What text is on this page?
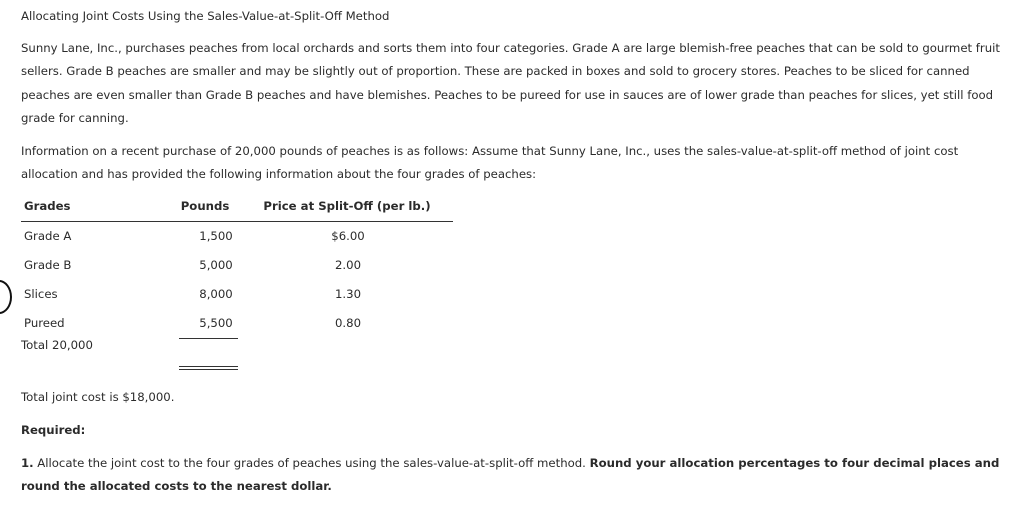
Allocating Joint Costs Using the Sales-Value-at-Split-Off Method

Sunny Lane, Inc., purchases peaches from local orchards and sorts them into four categories. Grade A are large blemish-free peaches that can be sold to gourmet fruit sellers. Grade B peaches are smaller and may be slightly out of proportion. These are packed in boxes and sold to grocery stores. Peaches to be sliced for canned peaches are even smaller than Grade B peaches and have blemishes. Peaches to be pureed for use in sauces are of lower grade than peaches for slices, yet still food grade for canning.

Information on a recent purchase of 20,000 pounds of peaches is as follows: Assume that Sunny Lane, Inc., uses the sales-value-at-split-off method of joint cost allocation and has provided the following information about the four grades of peaches:

Grades	Pounds	Price at Split-Off (per lb.)
Grade A	1,500	$6.00
Grade B	5,000	2.00
Slices	8,000	1.30
Pureed	5,500	0.80
Total 20,000
Total joint cost is $18,000.
Required:

1. Allocate the joint cost to the four grades of peaches using the sales-value-at-split-off method. Round your allocation percentages to four decimal places and round the allocated costs to the nearest dollar.
